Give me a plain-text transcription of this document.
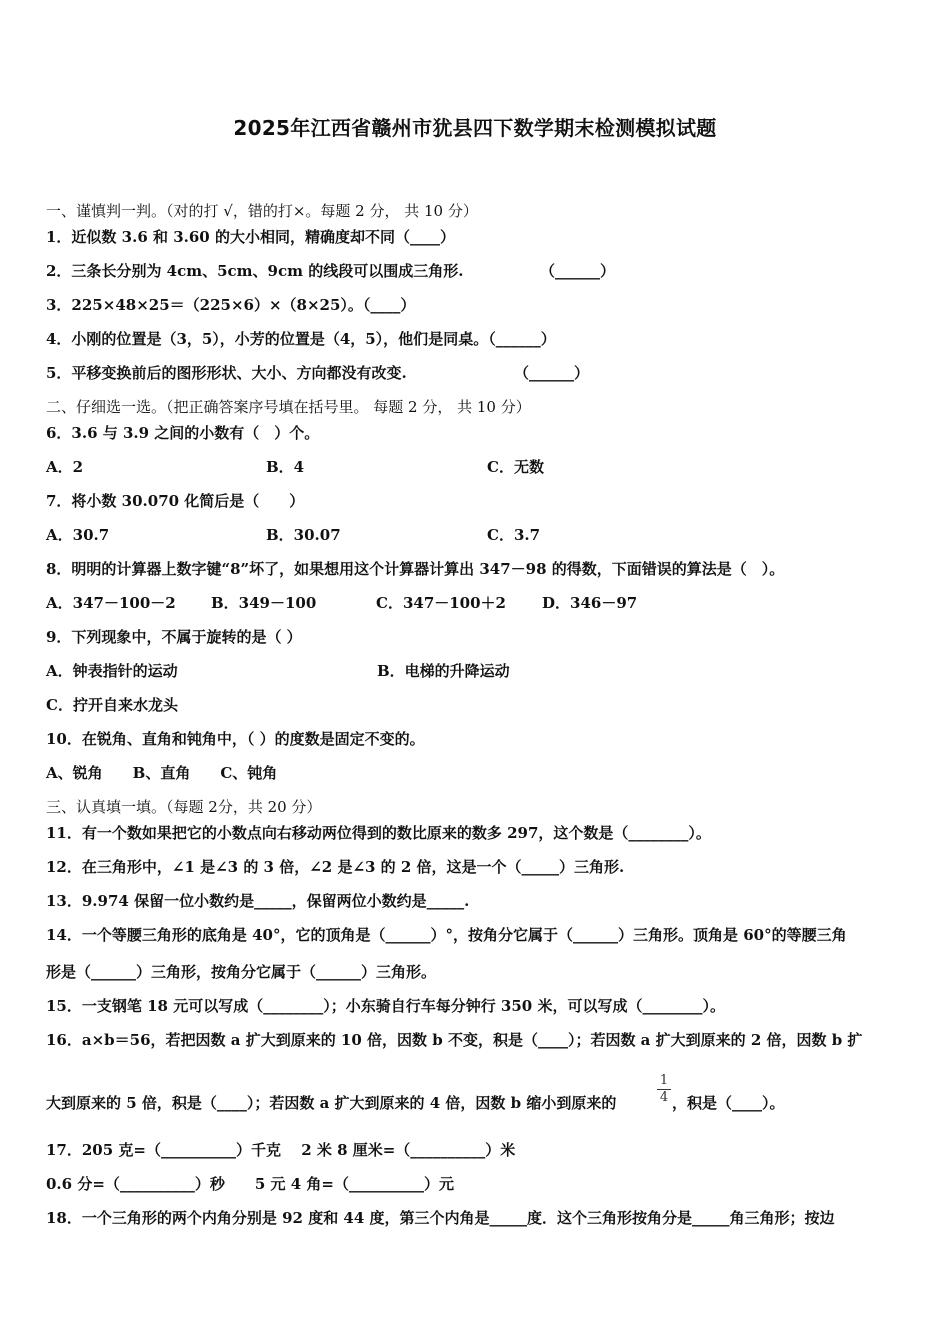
2025年江西省赣州市犹县四下数学期末检测模拟试题
一、谨慎判一判。（对的打 √，错的打×。每题 2 分， 共 10 分）
1．近似数 3.6 和 3.60 的大小相同，精确度却不同（____）
2．三条长分别为 4cm、5cm、9cm 的线段可以围成三角形.	（______）
3．225×48×25＝（225×6）×（8×25）。（____）
4．小刚的位置是（3，5），小芳的位置是（4，5），他们是同桌。（______）
5．平移变换前后的图形形状、大小、方向都没有改变.	（______）
二、仔细选一选。（把正确答案序号填在括号里。 每题 2 分， 共 10 分）
6．3.6 与 3.9 之间的小数有（　）个。
A．2	B．4	C．无数
7．将小数 30.070 化简后是（　　）
A．30.7	B．30.07	C．3.7
8．明明的计算器上数字键“8”坏了，如果想用这个计算器计算出 347－98 的得数，下面错误的算法是（　）。
A．347－100－2 B．349－100	C．347－100＋2 D．346－97
9．下列现象中，不属于旋转的是（ ）
A．钟表指针的运动	B．电梯的升降运动
C．拧开自来水龙头
10．在锐角、直角和钝角中，（ ）的度数是固定不变的。
A、锐角　　B、直角　　C、钝角
三、认真填一填。（每题 2分，共 20 分）
11．有一个数如果把它的小数点向右移动两位得到的数比原来的数多 297，这个数是（________）。
12．在三角形中，∠1 是∠3 的 3 倍，∠2 是∠3 的 2 倍，这是一个（_____）三角形.
13．9.974 保留一位小数约是_____，保留两位小数约是_____.
14．一个等腰三角形的底角是 40°，它的顶角是（______）°，按角分它属于（______）三角形。顶角是 60°的等腰三角
形是（______）三角形，按角分它属于（______）三角形。
15．一支钢笔 18 元可以写成（________）；小东骑自行车每分钟行 350 米，可以写成（________）。
16．a×b＝56，若把因数 a 扩大到原来的 10 倍，因数 b 不变，积是（____）；若因数 a 扩大到原来的 2 倍，因数 b 扩
大到原来的 5 倍，积是（____）；若因数 a 扩大到原来的 4 倍，因数 b 缩小到原来的
1
4 ，积是（____）。
17．205 克=（__________）千克　 2 米 8 厘米=（__________）米
0.6 分=（__________）秒　　5 元 4 角=（__________）元
18．一个三角形的两个内角分别是 92 度和 44 度，第三个内角是_____度．这个三角形按角分是_____角三角形；按边
